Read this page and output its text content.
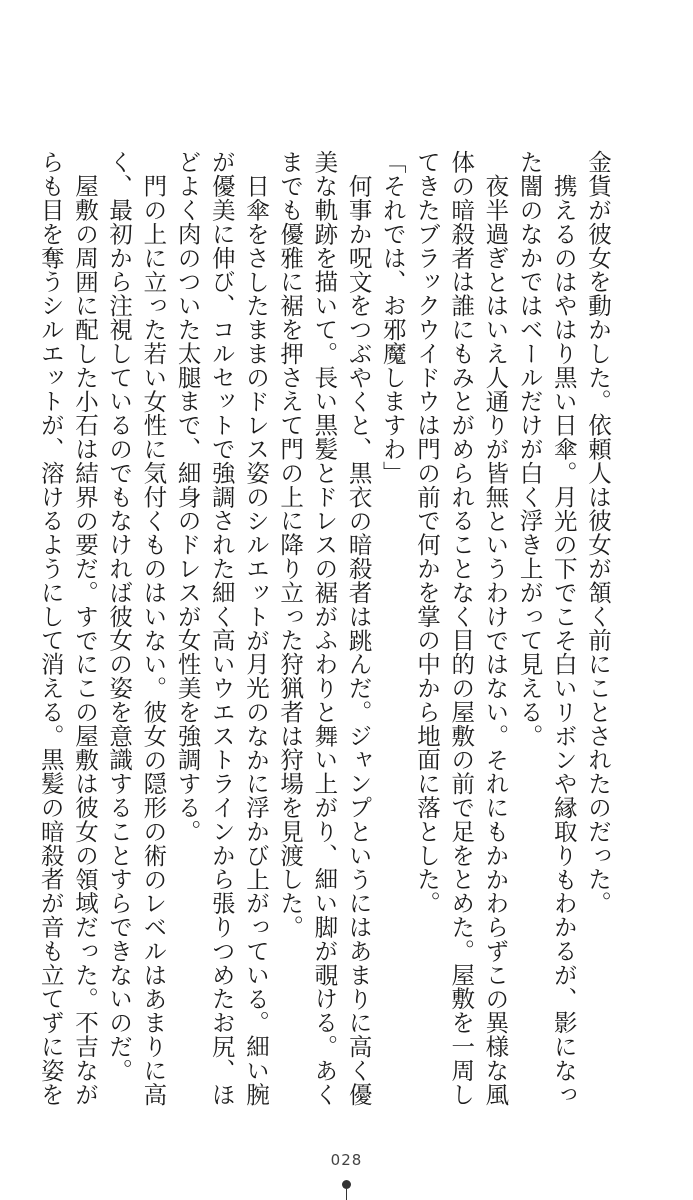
金貨が彼女を動かした。依頼人は彼女が頷く前にことされたのだった。
携えるのはやはり黒い日傘。月光の下でこそ白いリボンや縁取りもわかるが、影になっ
た闇のなかではベールだけが白く浮き上がって見える。
夜半過ぎとはいえ人通りが皆無というわけではない。それにもかかわらずこの異様な風
体の暗殺者は誰にもみとがめられることなく目的の屋敷の前で足をとめた。屋敷を一周し
てきたブラックウイドウは門の前で何かを掌の中から地面に落とした。
「それでは、お邪魔しますわ」
何事か呪文をつぶやくと、黒衣の暗殺者は跳んだ。ジャンプというにはあまりに高く優
美な軌跡を描いて。長い黒髪とドレスの裾がふわりと舞い上がり、細い脚が覗ける。あく
までも優雅に裾を押さえて門の上に降り立った狩猟者は狩場を見渡した。
日傘をさしたままのドレス姿のシルエットが月光のなかに浮かび上がっている。細い腕
が優美に伸び、コルセットで強調された細く高いウエストラインから張りつめたお尻、ほ
どよく肉のついた太腿まで、細身のドレスが女性美を強調する。
門の上に立った若い女性に気付くものはいない。彼女の隠形の術のレベルはあまりに高
く、最初から注視しているのでもなければ彼女の姿を意識することすらできないのだ。
屋敷の周囲に配した小石は結界の要だ。すでにこの屋敷は彼女の領域だった。不吉なが
らも目を奪うシルエットが、溶けるようにして消える。黒髪の暗殺者が音も立てずに姿を
028
